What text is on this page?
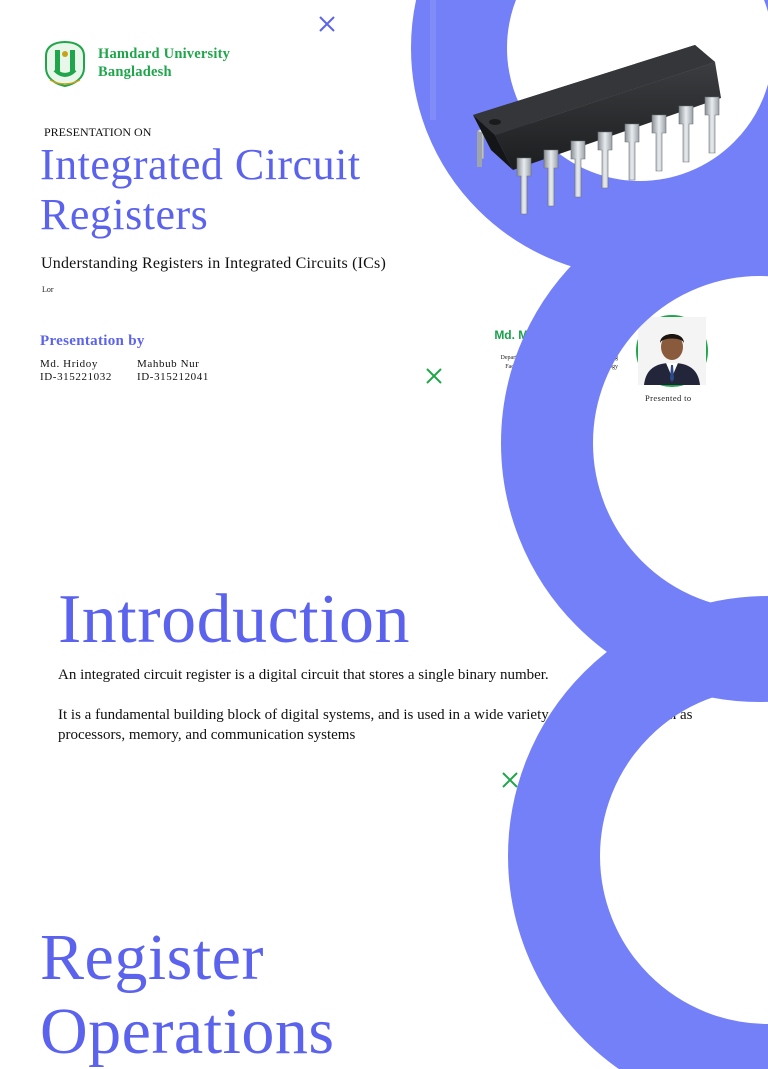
Hamdard University
Bangladesh
PRESENTATION ON
Integrated Circuit
Registers
Understanding Registers in Integrated Circuits (ICs)
Lor
Presentation by
Md. Hridoy
ID-315221032
Mahbub Nur
ID-315212041
Md. Monowar Hossain
Assistant Professor
Department of Computer Science & Engineering
Faculty of Science, Engineering & Technology
Presented to
Introduction
An integrated circuit register is a digital circuit that stores a single binary number.
It is a fundamental building block of digital systems, and is used in a wide variety of applications, such as processors, memory, and communication systems
Register
Operations
